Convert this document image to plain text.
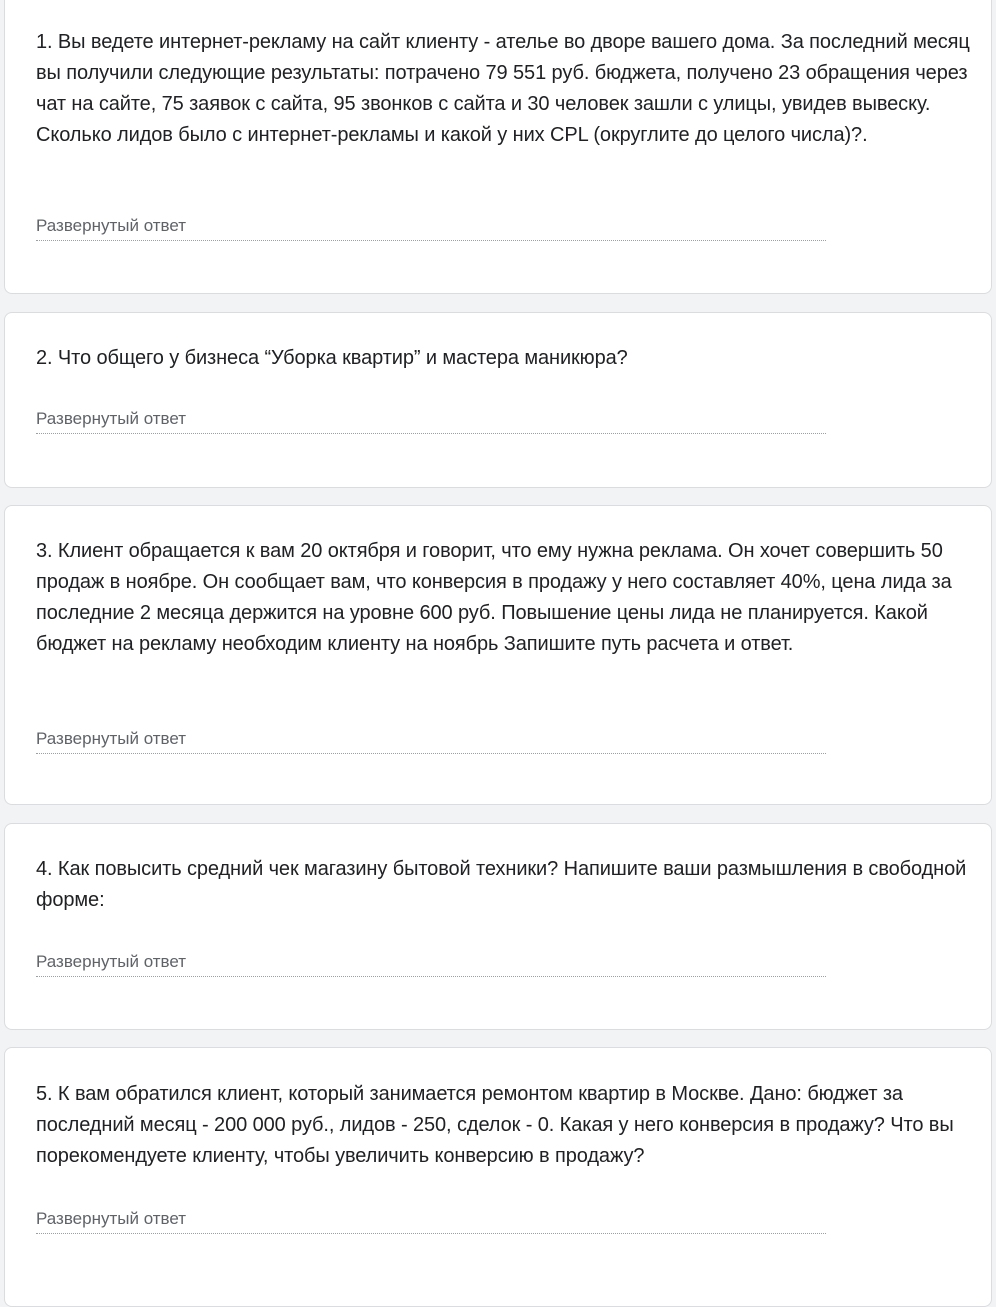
1. Вы ведете интернет-рекламу на сайт клиенту - ателье во дворе вашего дома. За последний месяц вы получили следующие результаты: потрачено 79 551 руб. бюджета, получено 23 обращения через чат на сайте, 75 заявок с сайта, 95 звонков с сайта и 30 человек зашли с улицы, увидев вывеску. Сколько лидов было с интернет-рекламы и какой у них CPL (округлите до целого числа)?.

Развернутый ответ

2. Что общего у бизнеса “Уборка квартир” и мастера маникюра?

Развернутый ответ

3. Клиент обращается к вам 20 октября и говорит, что ему нужна реклама. Он хочет совершить 50 продаж в ноябре. Он сообщает вам, что конверсия в продажу у него составляет 40%, цена лида за последние 2 месяца держится на уровне 600 руб. Повышение цены лида не планируется. Какой бюджет на рекламу необходим клиенту на ноябрь Запишите путь расчета и ответ.

Развернутый ответ

4. Как повысить средний чек магазину бытовой техники? Напишите ваши размышления в свободной форме:

Развернутый ответ

5. К вам обратился клиент, который занимается ремонтом квартир в Москве. Дано: бюджет за последний месяц - 200 000 руб., лидов - 250, сделок - 0. Какая у него конверсия в продажу? Что вы порекомендуете клиенту, чтобы увеличить конверсию в продажу?

Развернутый ответ
